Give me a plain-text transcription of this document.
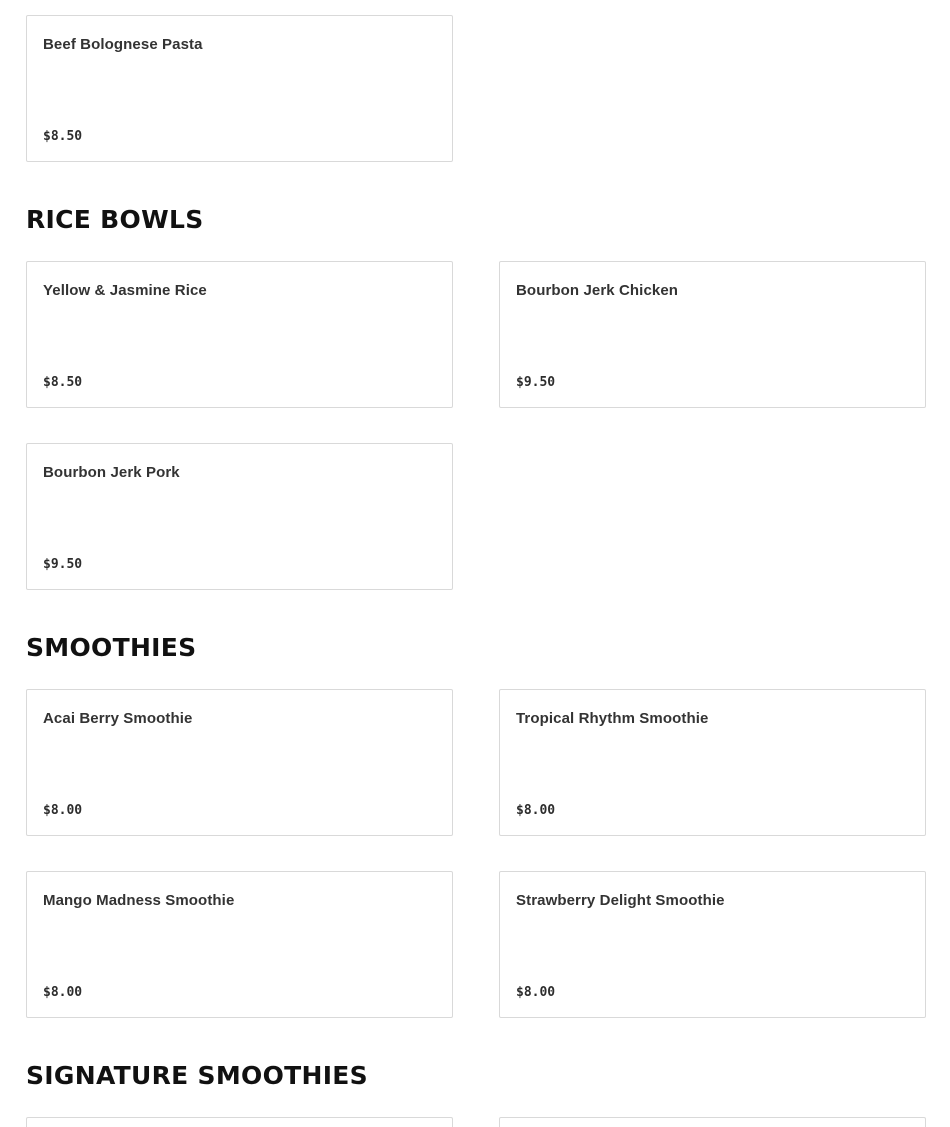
Beef Bolognese Pasta
$8.50
RICE BOWLS
Yellow & Jasmine Rice
$8.50
Bourbon Jerk Chicken
$9.50
Bourbon Jerk Pork
$9.50
SMOOTHIES
Acai Berry Smoothie
$8.00
Tropical Rhythm Smoothie
$8.00
Mango Madness Smoothie
$8.00
Strawberry Delight Smoothie
$8.00
SIGNATURE SMOOTHIES
